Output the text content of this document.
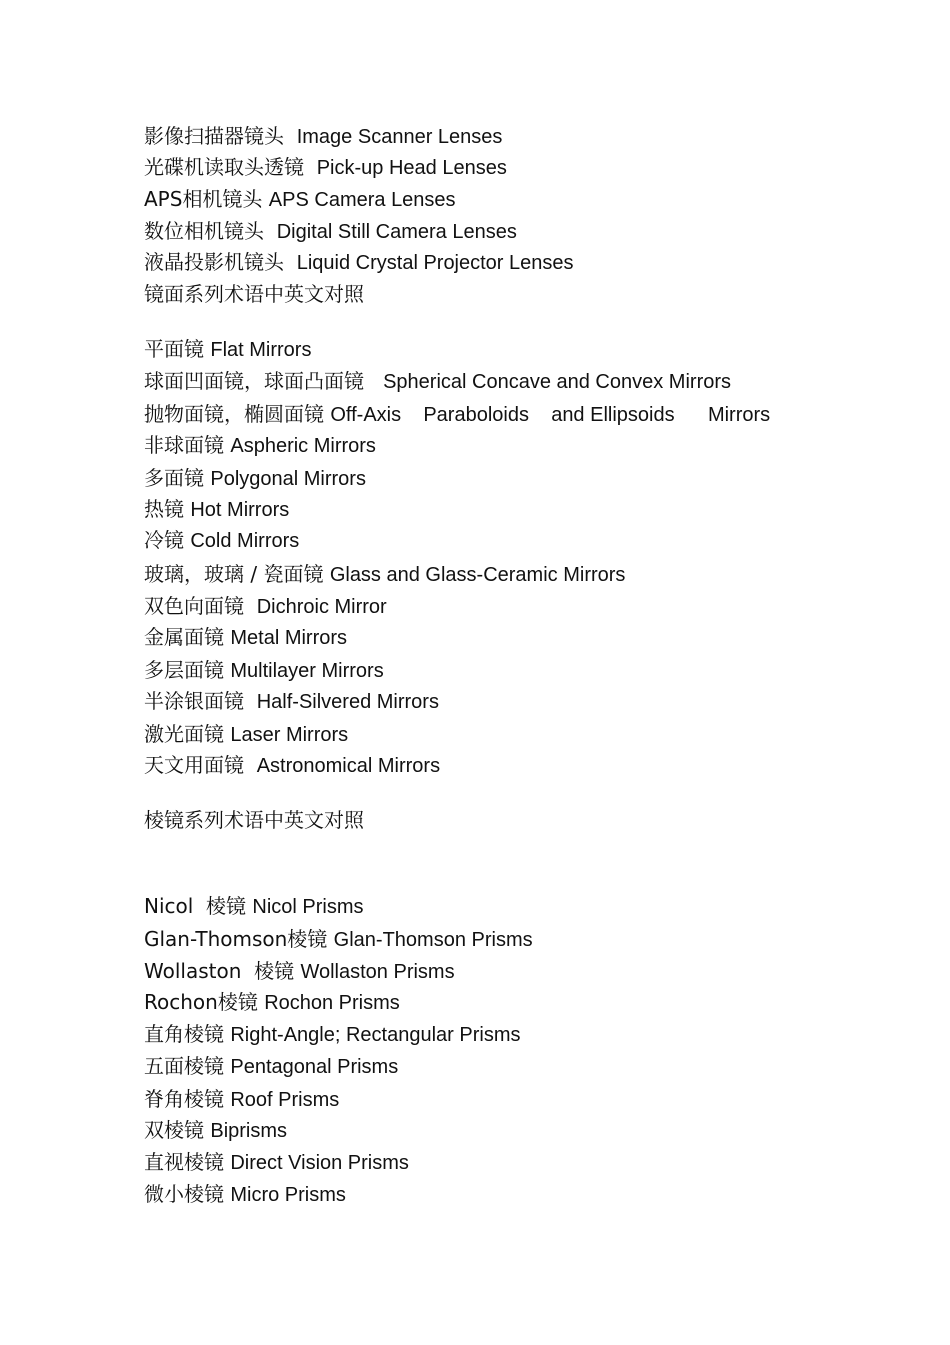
影像扫描器镜头 Image Scanner Lenses
光碟机读取头透镜 Pick-up Head Lenses
APS相机镜头 APS Camera Lenses
数位相机镜头 Digital Still Camera Lenses
液晶投影机镜头 Liquid Crystal Projector Lenses
镜面系列术语中英文对照
平面镜 Flat Mirrors
球面凹面镜，球面凸面镜 Spherical Concave and Convex Mirrors
抛物面镜，椭圆面镜 Off-Axis    Paraboloids    and Ellipsoids      Mirrors
非球面镜 Aspheric Mirrors
多面镜 Polygonal Mirrors
热镜 Hot Mirrors
冷镜 Cold Mirrors
玻璃，玻璃 / 瓷面镜 Glass and Glass-Ceramic Mirrors
双色向面镜 Dichroic Mirror
金属面镜 Metal Mirrors
多层面镜 Multilayer Mirrors
半涂银面镜 Half-Silvered Mirrors
激光面镜 Laser Mirrors
天文用面镜 Astronomical Mirrors
棱镜系列术语中英文对照
Nicol  棱镜 Nicol Prisms
Glan-Thomson棱镜 Glan-Thomson Prisms
Wollaston  棱镜 Wollaston Prisms
Rochon棱镜 Rochon Prisms
直角棱镜 Right-Angle; Rectangular Prisms
五面棱镜 Pentagonal Prisms
脊角棱镜 Roof Prisms
双棱镜 Biprisms
直视棱镜 Direct Vision Prisms
微小棱镜 Micro Prisms
